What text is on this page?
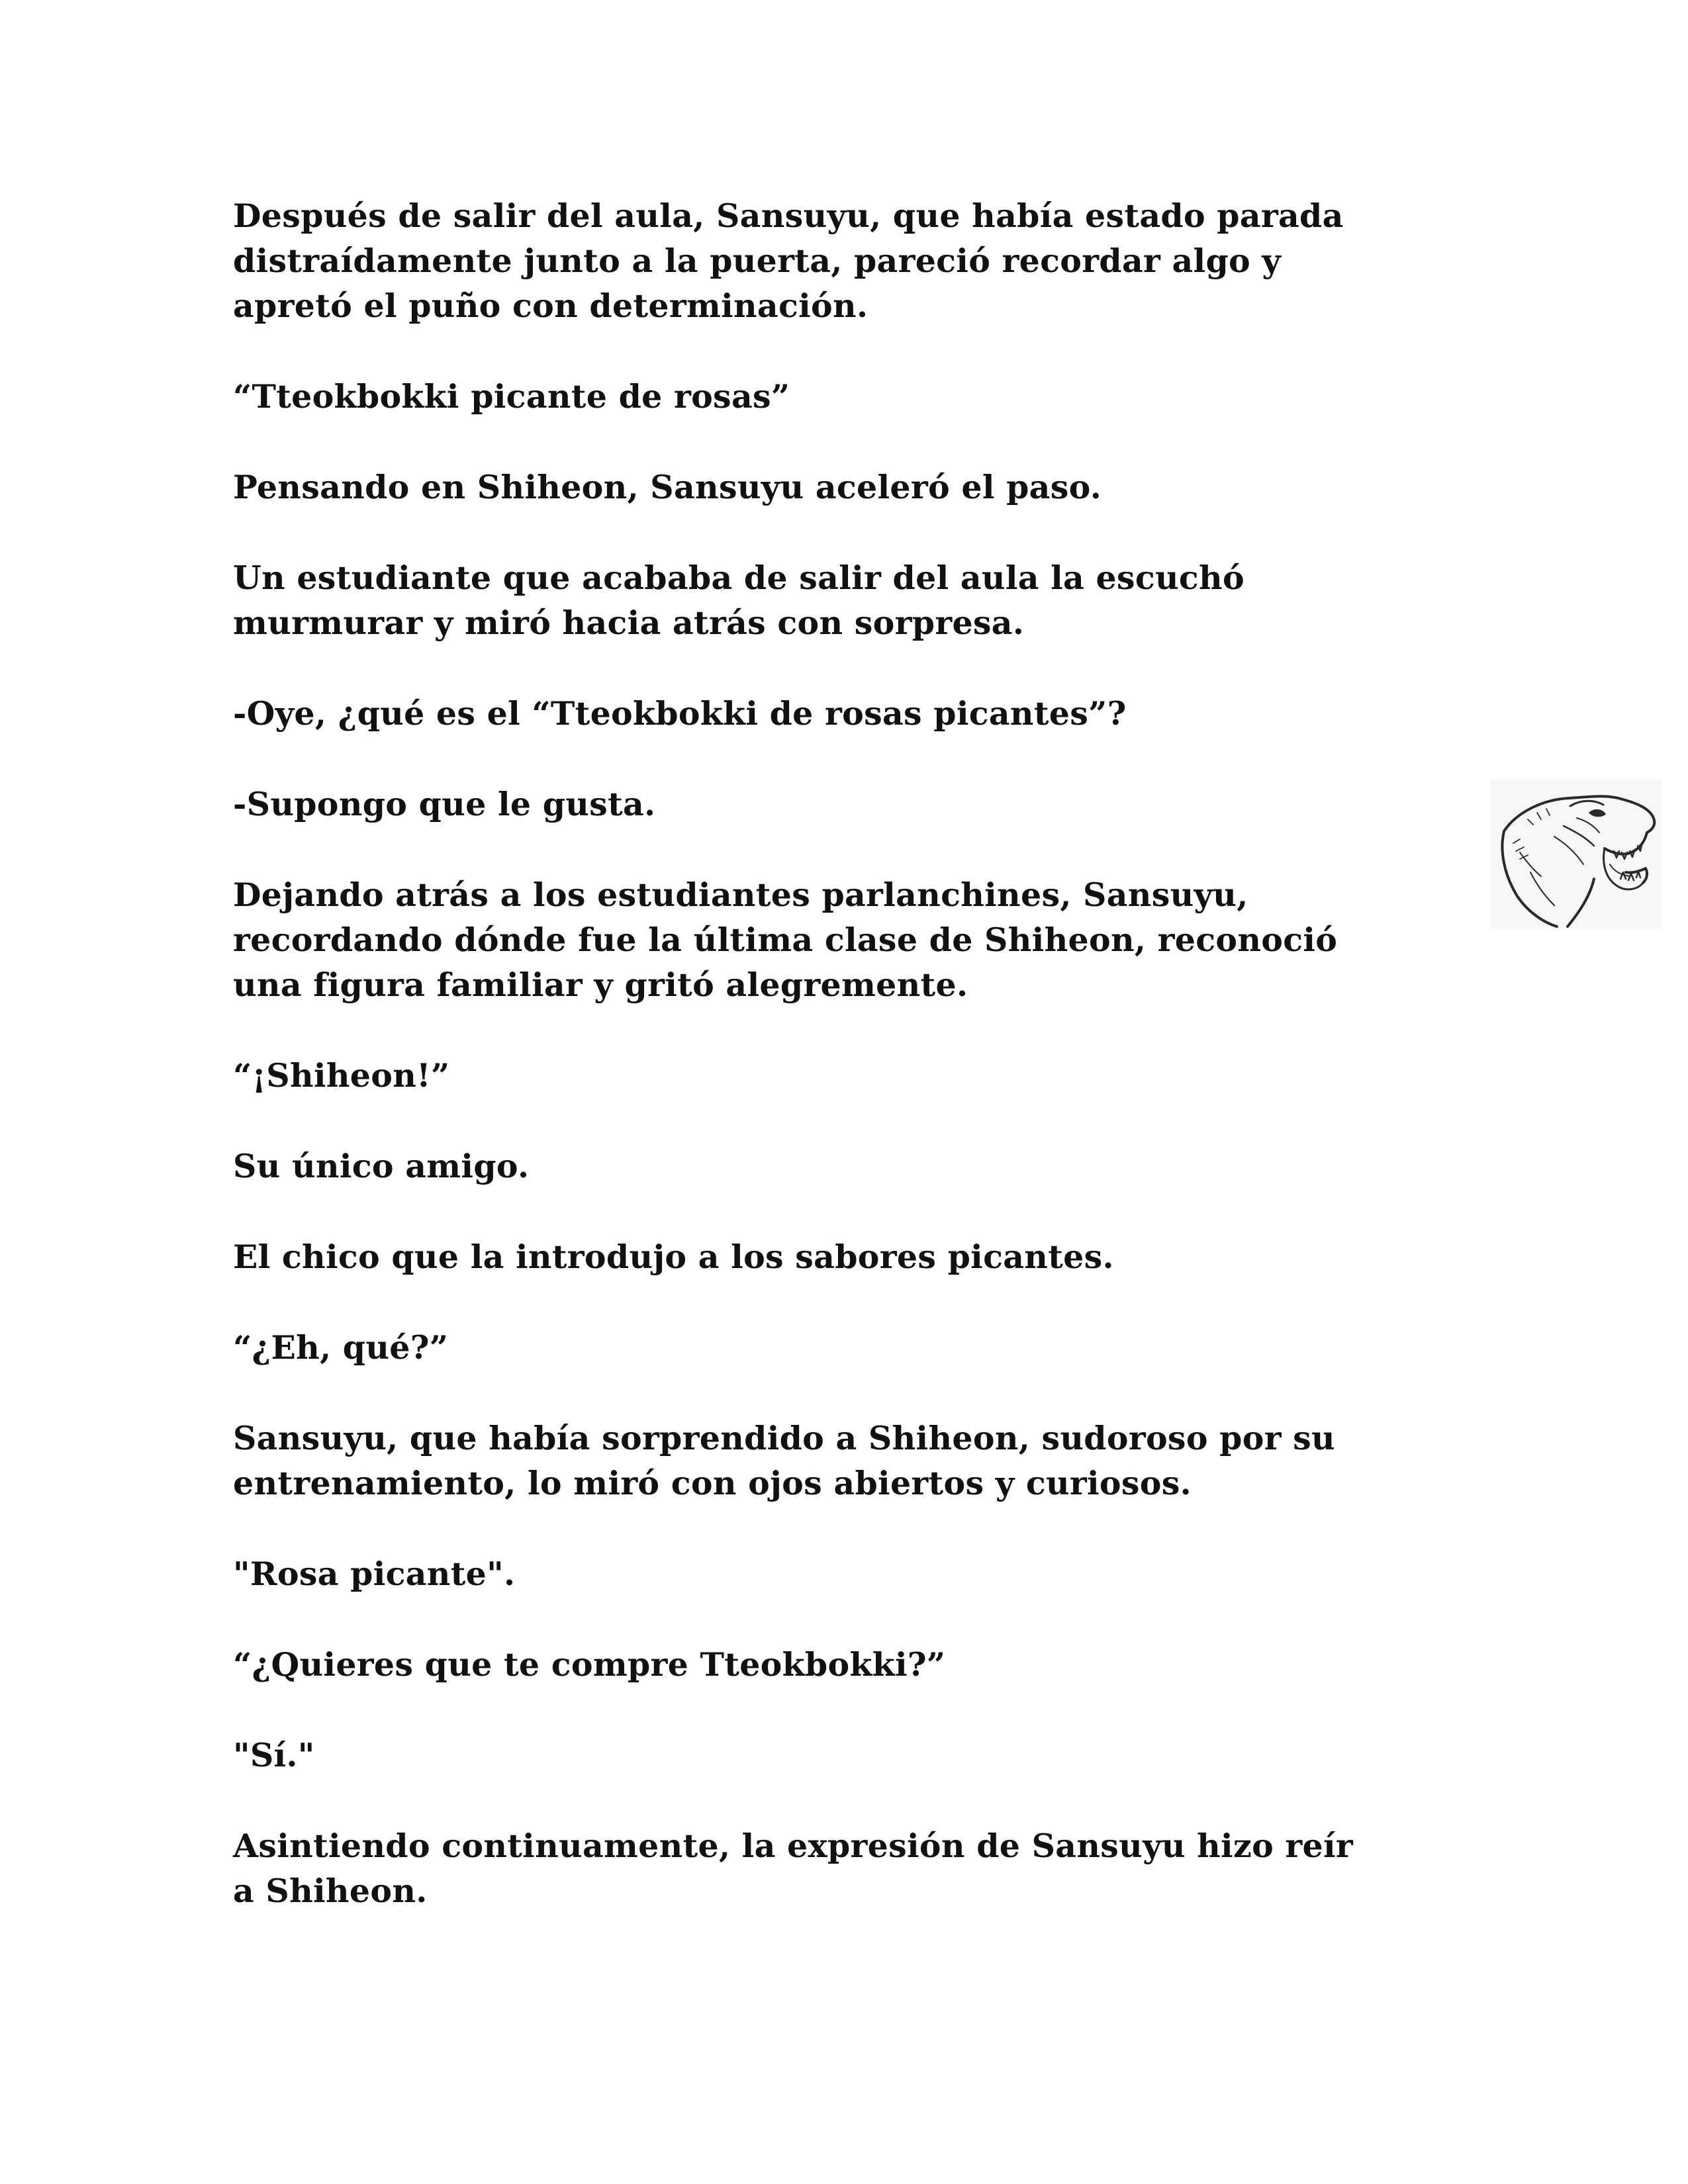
Después de salir del aula, Sansuyu, que había estado parada
distraídamente junto a la puerta, pareció recordar algo y
apretó el puño con determinación.

“Tteokbokki picante de rosas”

Pensando en Shiheon, Sansuyu aceleró el paso.

Un estudiante que acababa de salir del aula la escuchó
murmurar y miró hacia atrás con sorpresa.

-Oye, ¿qué es el “Tteokbokki de rosas picantes”?

-Supongo que le gusta.

Dejando atrás a los estudiantes parlanchines, Sansuyu,
recordando dónde fue la última clase de Shiheon, reconoció
una figura familiar y gritó alegremente.

“¡Shiheon!”

Su único amigo.

El chico que la introdujo a los sabores picantes.

“¿Eh, qué?”

Sansuyu, que había sorprendido a Shiheon, sudoroso por su
entrenamiento, lo miró con ojos abiertos y curiosos.

"Rosa picante".

“¿Quieres que te compre Tteokbokki?”

"Sí."

Asintiendo continuamente, la expresión de Sansuyu hizo reír
a Shiheon.
